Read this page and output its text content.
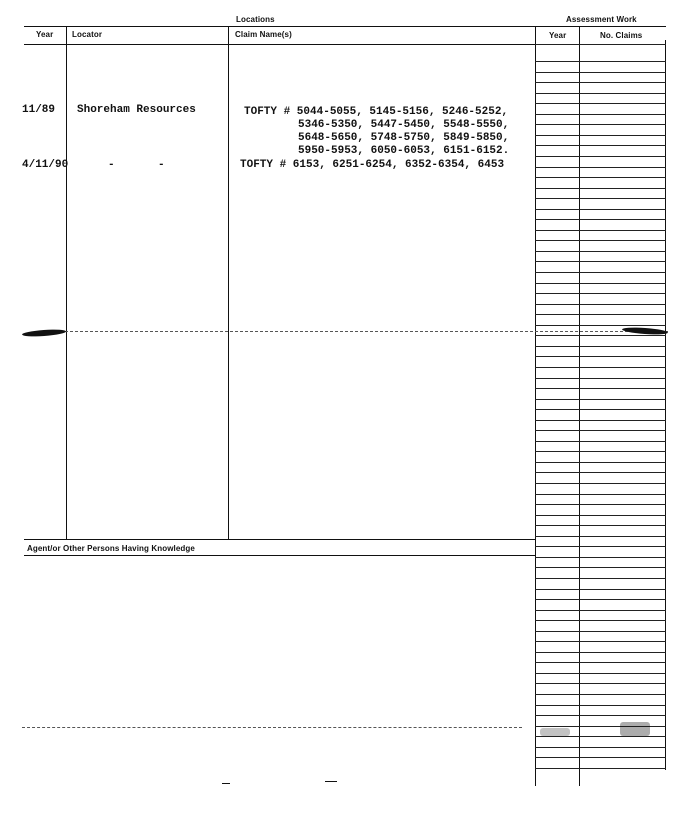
Locations	Assessment Work
Year Locator	Claim Name(s)	Year	No. Claims
Agent/or Other Persons Having Knowledge
11/89 Shoreham Resources	TOFTY # 5044-5055, 5145-5156, 5246-5252,
5346-5350, 5447-5450, 5548-5550,
5648-5650, 5748-5750, 5849-5850,
5950-5953, 6050-6053, 6151-6152.
4/11/90	-	-	TOFTY # 6153, 6251-6254, 6352-6354, 6453
